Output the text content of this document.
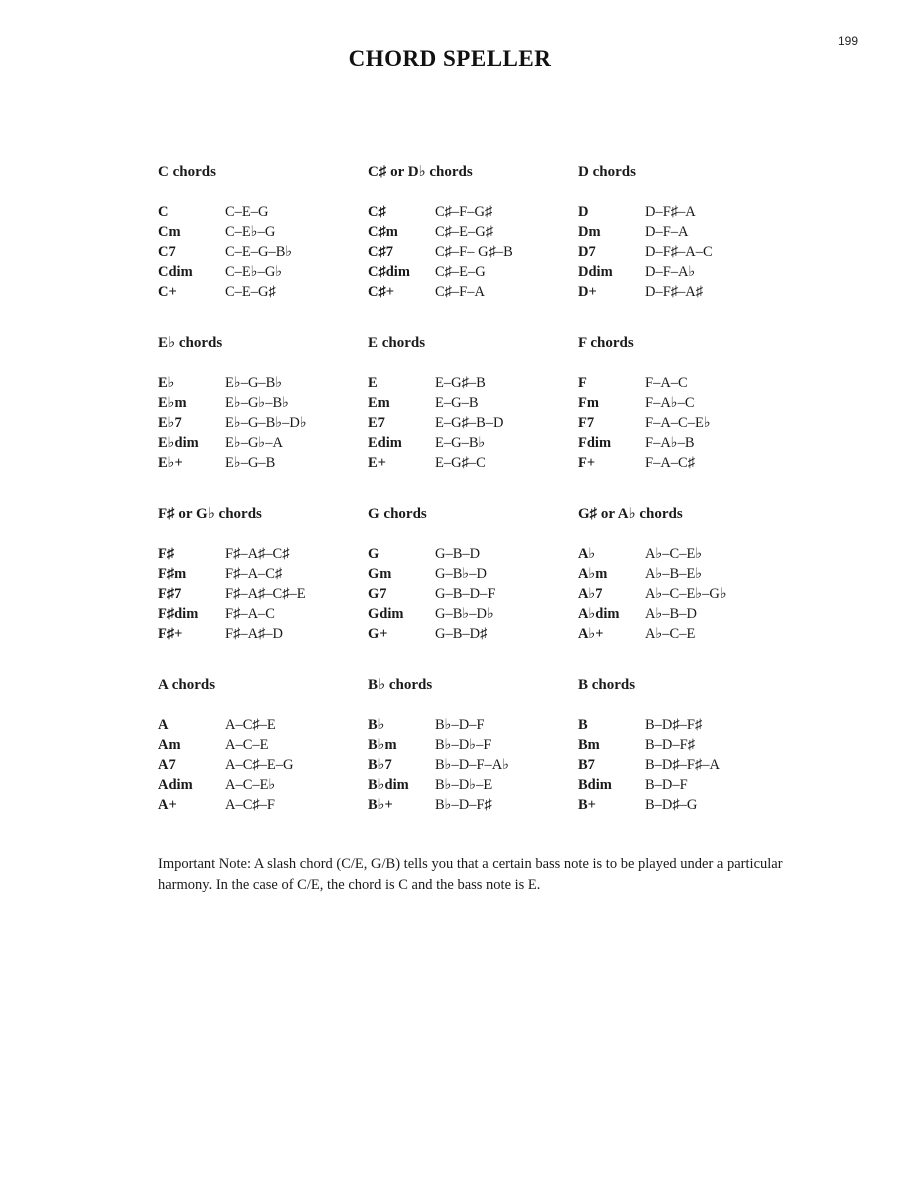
199
CHORD SPELLER
C chords
C	C–E–G
Cm	C–E♭–G
C7	C–E–G–B♭
Cdim	C–E♭–G♭
C+	C–E–G♯
C♯ or D♭ chords
C♯	C♯–F–G♯
C♯m	C♯–E–G♯
C♯7	C♯–F– G♯–B
C♯dim	C♯–E–G
C♯+	C♯–F–A
D chords
D	D–F♯–A
Dm	D–F–A
D7	D–F♯–A–C
Ddim	D–F–A♭
D+	D–F♯–A♯
E♭ chords
E♭	E♭–G–B♭
E♭m	E♭–G♭–B♭
E♭7	E♭–G–B♭–D♭
E♭dim	E♭–G♭–A
E♭+	E♭–G–B
E chords
E	E–G♯–B
Em	E–G–B
E7	E–G♯–B–D
Edim	E–G–B♭
E+	E–G♯–C
F chords
F	F–A–C
Fm	F–A♭–C
F7	F–A–C–E♭
Fdim	F–A♭–B
F+	F–A–C♯
F♯ or G♭ chords
F♯	F♯–A♯–C♯
F♯m	F♯–A–C♯
F♯7	F♯–A♯–C♯–E
F♯dim	F♯–A–C
F♯+	F♯–A♯–D
G chords
G	G–B–D
Gm	G–B♭–D
G7	G–B–D–F
Gdim	G–B♭–D♭
G+	G–B–D♯
G♯ or A♭ chords
A♭	A♭–C–E♭
A♭m	A♭–B–E♭
A♭7	A♭–C–E♭–G♭
A♭dim	A♭–B–D
A♭+	A♭–C–E
A chords
A	A–C♯–E
Am	A–C–E
A7	A–C♯–E–G
Adim	A–C–E♭
A+	A–C♯–F
B♭ chords
B♭	B♭–D–F
B♭m	B♭–D♭–F
B♭7	B♭–D–F–A♭
B♭dim	B♭–D♭–E
B♭+	B♭–D–F♯
B chords
B	B–D♯–F♯
Bm	B–D–F♯
B7	B–D♯–F♯–A
Bdim	B–D–F
B+	B–D♯–G
Important Note: A slash chord (C/E, G/B) tells you that a certain bass note is to be played under a particular harmony. In the case of C/E, the chord is C and the bass note is E.
